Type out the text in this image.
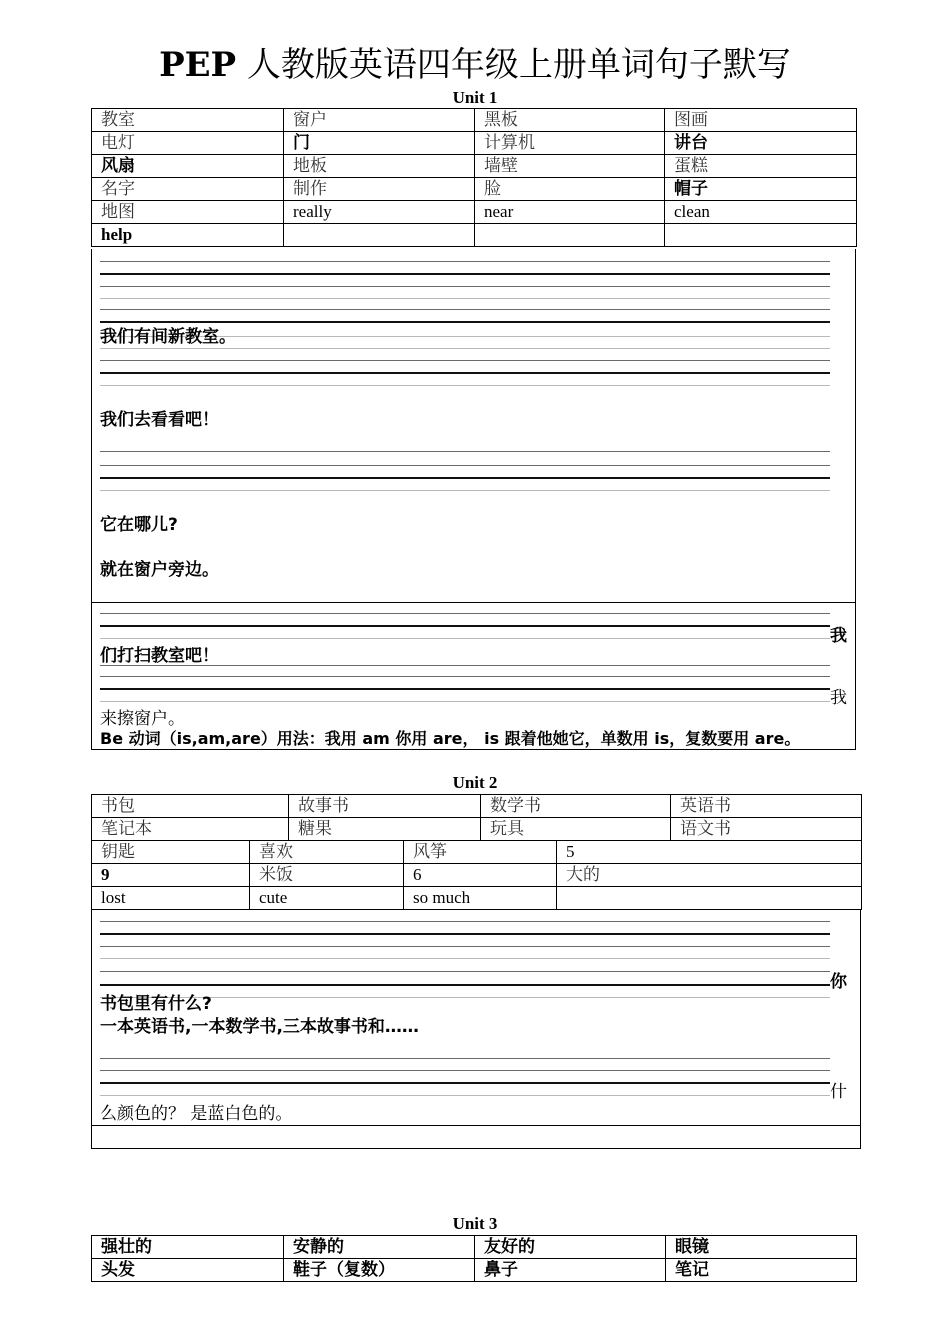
PEP 人教版英语四年级上册单词句子默写
Unit 1
教室	窗户	黑板	图画
电灯	门	计算机	讲台
风扇	地板	墙壁	蛋糕
名字	制作	脸	帽子
地图	really	near	clean
help			
我们有间新教室。
我们去看看吧！
它在哪儿?
就在窗户旁边。
我
们打扫教室吧！
我
来擦窗户。
Be 动词（is,am,are）用法：我用 am 你用 are， is 跟着他她它，单数用 is，复数要用 are。
Unit 2
书包	故事书	数学书	英语书
笔记本	糖果	玩具	语文书
钥匙	喜欢	风筝	5
9	米饭	6	大的
lost	cute	so much	
你
书包里有什么?
一本英语书,一本数学书,三本故事书和……
什
么颜色的？ 是蓝白色的。
Unit 3
强壮的	安静的	友好的	眼镜
头发	鞋子（复数）	鼻子	笔记
